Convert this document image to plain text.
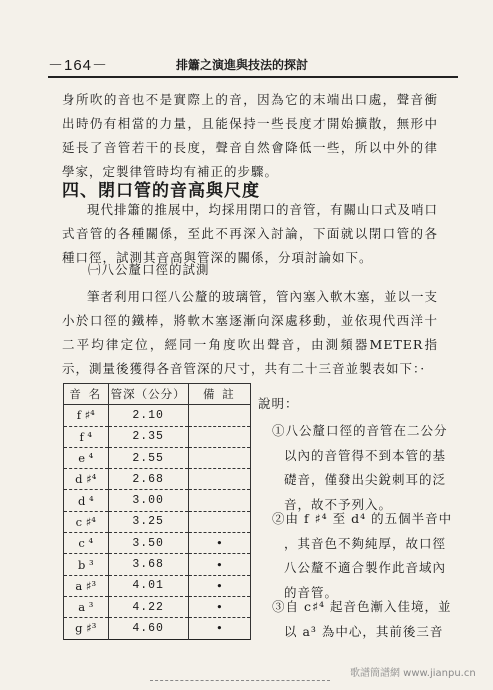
－164－	排簫之演進與技法的探討
身所吹的音也不是實際上的音，因為它的末端出口處，聲音衝出時仍有相當的力量，且能保持一些長度才開始擴散，無形中延長了音管若干的長度，聲音自然會降低一些，所以中外的律學家，定製律管時均有補正的步驟。
四、閉口管的音高與尺度
現代排簫的推展中，均採用閉口的音管，有關山口式及哨口式音管的各種關係，至此不再深入討論，下面就以閉口管的各種口徑，試測其音高與管深的關係，分項討論如下。
㈠八公釐口徑的試測
筆者利用口徑八公釐的玻璃管，管內塞入軟木塞，並以一支小於口徑的鐵棒，將軟木塞逐漸向深處移動，並依現代西洋十二平均律定位，經同一角度吹出聲音，由測頻器METER指示，測量後獲得各音管深的尺寸，共有二十三音並製表如下：·
音 名	管深（公分）	備 註
f ♯⁴	2.10	
f ⁴	2.35	
e ⁴	2.55	
d ♯⁴	2.68	
d ⁴	3.00	
c ♯⁴	3.25	
c ⁴	3.50	•
b ³	3.68	•
a ♯³	4.01	•
a ³	4.22	•
g ♯³	4.60	•
說明：
①八公釐口徑的音管在二公分
以內的音管得不到本管的基
礎音，僅發出尖銳刺耳的泛
音，故不予列入。
②由 f ♯⁴ 至 d⁴ 的五個半音中
，其音色不夠純厚，故口徑
八公釐不適合製作此音域內
的音管。
③自 c♯⁴ 起音色漸入佳境，並
以 a³ 為中心，其前後三音
歌譜簡譜網 www.jianpu.cn
